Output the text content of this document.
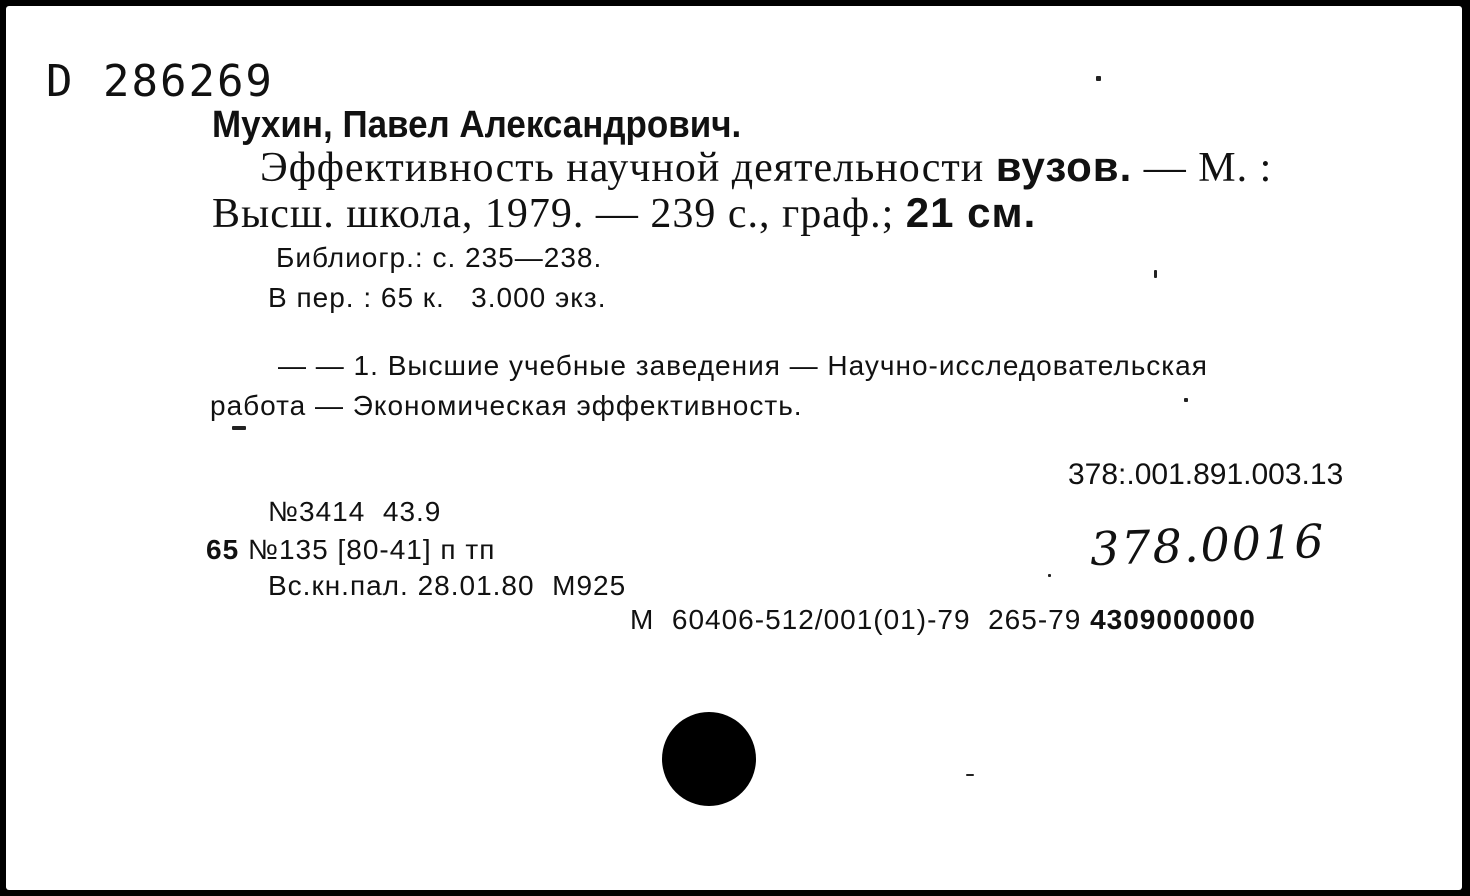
D 286269
Мухин, Павел Александрович.
Эффективность научной деятельности вузов. — М. :
Высш. школа, 1979. — 239 с., граф.; 21 см.
Библиогр.: с. 235—238.
В пер. : 65 к.   3.000 экз.
— — 1. Высшие учебные заведения — Научно-исследовательская
работа — Экономическая эффективность.
378:.001.891.003.13
378.0016
№3414  43.9
65 №135 [80-41] п тп
Вс.кн.пал. 28.01.80  М925
М  60406-512/001(01)-79  265-79 4309000000
